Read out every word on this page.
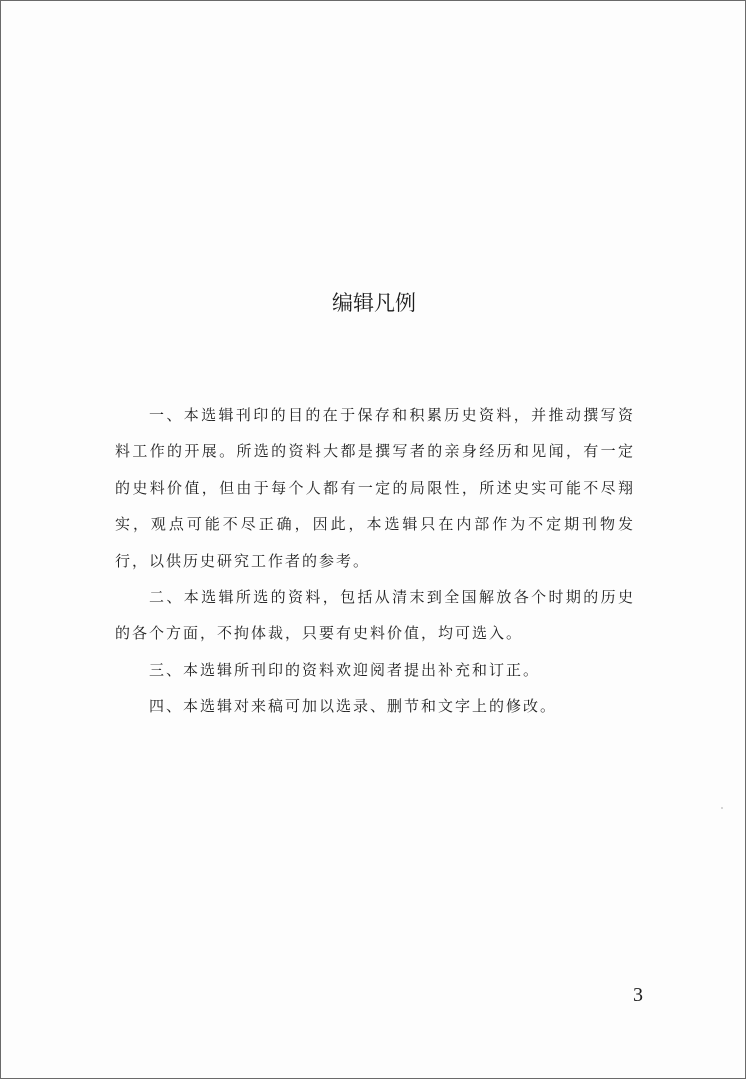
编辑凡例

一、本选辑刊印的目的在于保存和积累历史资料，并推动撰写资料工作的开展。所选的资料大都是撰写者的亲身经历和见闻，有一定的史料价值，但由于每个人都有一定的局限性，所述史实可能不尽翔实，观点可能不尽正确，因此，本选辑只在内部作为不定期刊物发行，以供历史研究工作者的参考。

二、本选辑所选的资料，包括从清末到全国解放各个时期的历史的各个方面，不拘体裁，只要有史料价值，均可选入。

三、本选辑所刊印的资料欢迎阅者提出补充和订正。

四、本选辑对来稿可加以选录、删节和文字上的修改。

3
